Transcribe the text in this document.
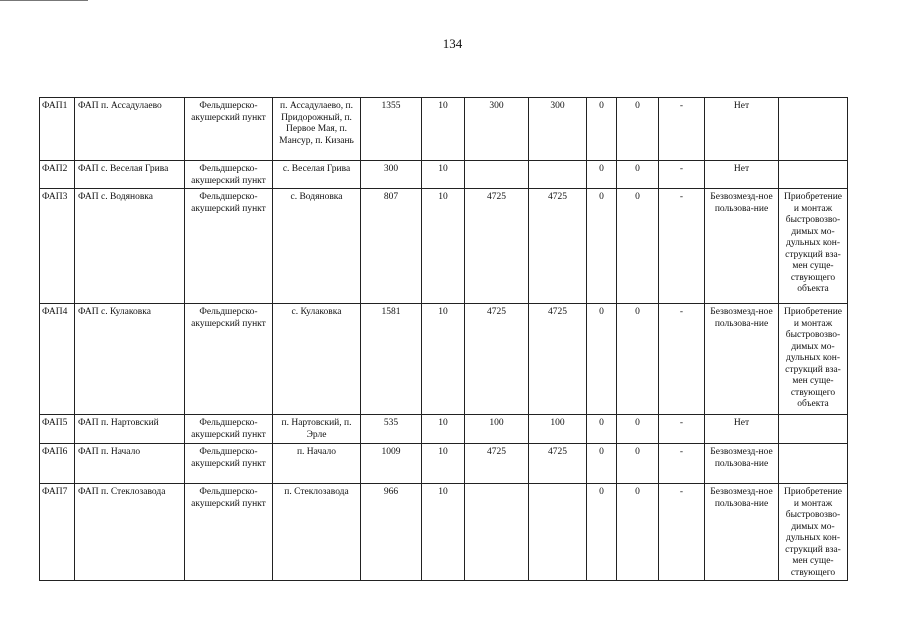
134
ФАП1	ФАП п. Ассадулаево	Фельдшерско-акушерский пункт	п. Ассадулаево, п. Придорожный, п. Первое Мая, п. Мансур, п. Кизань	1355	10	300	300	0	0	-	Нет	
ФАП2	ФАП с. Веселая Грива	Фельдшерско-акушерский пункт	с. Веселая Грива	300	10			0	0	-	Нет	
ФАП3	ФАП с. Водяновка	Фельдшерско-акушерский пункт	с. Водяновка	807	10	4725	4725	0	0	-	Безвозмезд-ное пользова-ние	Приобретение и монтаж быстровозво-димых мо-дульных кон-струкций вза-мен суще-ствующего объекта
ФАП4	ФАП с. Кулаковка	Фельдшерско-акушерский пункт	с. Кулаковка	1581	10	4725	4725	0	0	-	Безвозмезд-ное пользова-ние	Приобретение и монтаж быстровозво-димых мо-дульных кон-струкций вза-мен суще-ствующего объекта
ФАП5	ФАП п. Нартовский	Фельдшерско-акушерский пункт	п. Нартовский, п. Эрле	535	10	100	100	0	0	-	Нет	
ФАП6	ФАП п. Начало	Фельдшерско-акушерский пункт	п. Начало	1009	10	4725	4725	0	0	-	Безвозмезд-ное пользова-ние	
ФАП7	ФАП п. Стеклозавода	Фельдшерско-акушерский пункт	п. Стеклозавода	966	10			0	0	-	Безвозмезд-ное пользова-ние	Приобретение и монтаж быстровозво-димых мо-дульных кон-струкций вза-мен суще-ствующего
